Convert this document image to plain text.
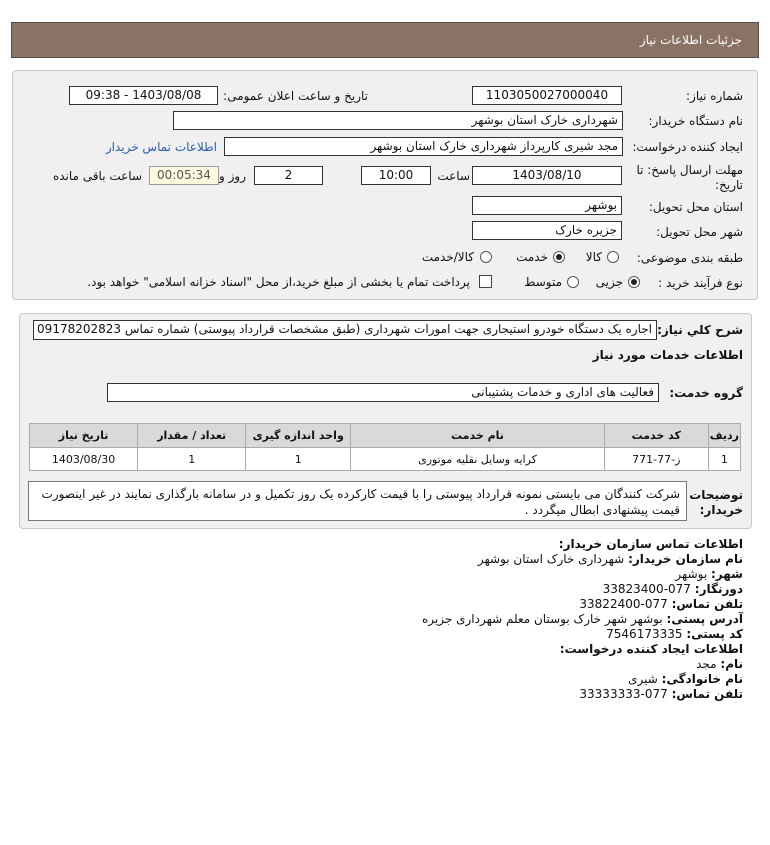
جزئیات اطلاعات نیاز
شماره نیاز:
1103050027000040
تاریخ و ساعت اعلان عمومی:
1403/08/08 - 09:38
نام دستگاه خریدار:
شهرداری خارک استان بوشهر
ایجاد کننده درخواست:
مجد شیری کارپرداز شهرداری خارک استان بوشهر
اطلاعات تماس خریدار
مهلت ارسال پاسخ: تا
تاریخ:
1403/08/10
ساعت
10:00
2
روز و
00:05:34
ساعت باقی مانده
استان محل تحویل:
بوشهر
شهر محل تحویل:
جزیره خارک
طبقه بندی موضوعی:
کالا
خدمت
کالا/خدمت
نوع فرآیند خرید :
جزیی
متوسط
پرداخت تمام یا بخشی از مبلغ خرید،از محل "اسناد خزانه اسلامی" خواهد بود.
شرح کلي نیاز:
اجاره یک دستگاه خودرو استیجاری جهت امورات شهرداری (طبق مشخصات قرارداد پیوستی) شماره تماس 09178202823
اطلاعات خدمات مورد نیاز
گروه خدمت:
فعالیت های اداری و خدمات پشتیبانی
ردیف	کد خدمت	نام خدمت	واحد اندازه گیری	تعداد / مقدار	تاریخ نیاز
1	ز-77-771	کرایه وسایل نقلیه موتوری	1	1	1403/08/30
توضیحات
خریدار:
شرکت کنندگان می بایستی نمونه قرارداد پیوستی را با قیمت کارکرده یک روز تکمیل و در سامانه بارگذاری نمایند در غیر اینصورت قیمت پیشنهادی ابطال میگردد .
اطلاعات تماس سازمان خریدار:
نام سازمان خریدار: شهرداری خارک استان بوشهر
شهر: بوشهر
دورنگار: 077-33823400
تلفن تماس: 077-33822400
آدرس پستی: بوشهر شهر خارک بوستان معلم شهرداری جزیره
کد پستی: 7546173335
اطلاعات ایجاد کننده درخواست:
نام: مجد
نام خانوادگی: شیری
تلفن تماس: 077-33333333
